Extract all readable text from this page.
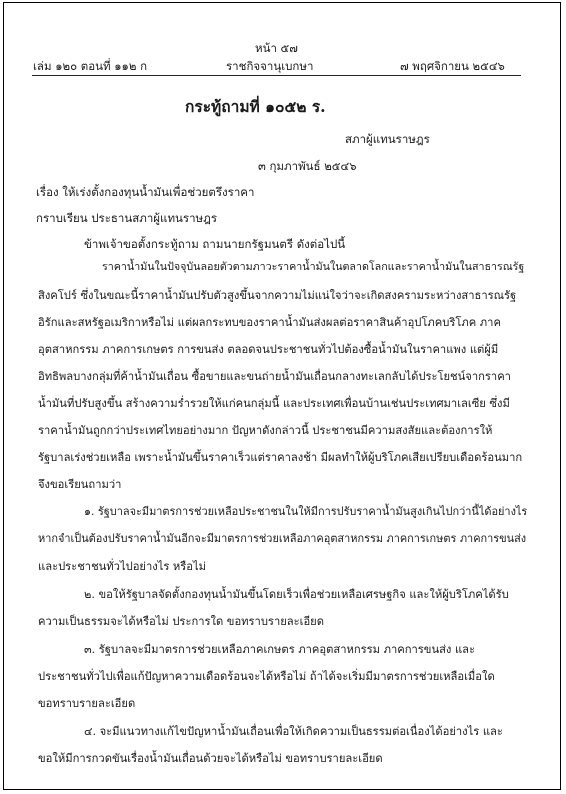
หน้า ๕๗
เล่ม ๑๒๐ ตอนที่ ๑๑๒ ก	ราชกิจจานุเบกษา	๗ พฤศจิกายน ๒๕๔๖
กระทู้ถามที่ ๑๐๕๒ ร.
สภาผู้แทนราษฎร
๓ กุมภาพันธ์ ๒๕๔๖
เรื่อง ให้เร่งตั้งกองทุนน้ำมันเพื่อช่วยตรึงราคา
กราบเรียน ประธานสภาผู้แทนราษฎร
ข้าพเจ้าขอตั้งกระทู้ถาม ถามนายกรัฐมนตรี ดังต่อไปนี้
ราคาน้ำมันในปัจจุบันลอยตัวตามภาวะราคาน้ำมันในตลาดโลกและราคาน้ำมันในสาธารณรัฐ
สิงคโปร์ ซึ่งในขณะนี้ราคาน้ำมันปรับตัวสูงขึ้นจากความไม่แน่ใจว่าจะเกิดสงครามระหว่างสาธารณรัฐ
อิรักและสหรัฐอเมริกาหรือไม่ แต่ผลกระทบของราคาน้ำมันส่งผลต่อราคาสินค้าอุปโภคบริโภค ภาค
อุตสาหกรรม ภาคการเกษตร การขนส่ง ตลอดจนประชาชนทั่วไปต้องซื้อน้ำมันในราคาแพง แต่ผู้มี
อิทธิพลบางกลุ่มที่ค้าน้ำมันเถื่อน ซื้อขายและขนถ่ายน้ำมันเถื่อนกลางทะเลกลับได้ประโยชน์จากราคา
น้ำมันที่ปรับสูงขึ้น สร้างความร่ำรวยให้แก่คนกลุ่มนี้ และประเทศเพื่อนบ้านเช่นประเทศมาเลเซีย ซึ่งมี
ราคาน้ำมันถูกกว่าประเทศไทยอย่างมาก ปัญหาดังกล่าวนี้ ประชาชนมีความสงสัยและต้องการให้
รัฐบาลเร่งช่วยเหลือ เพราะน้ำมันขึ้นราคาเร็วแต่ราคาลงช้า มีผลทำให้ผู้บริโภคเสียเปรียบเดือดร้อนมาก
จึงขอเรียนถามว่า
๑. รัฐบาลจะมีมาตรการช่วยเหลือประชาชนในให้มีการปรับราคาน้ำมันสูงเกินไปกว่านี้ได้อย่างไร
หากจำเป็นต้องปรับราคาน้ำมันอีกจะมีมาตรการช่วยเหลือภาคอุตสาหกรรม ภาคการเกษตร ภาคการขนส่ง
และประชาชนทั่วไปอย่างไร หรือไม่
๒. ขอให้รัฐบาลจัดตั้งกองทุนน้ำมันขึ้นโดยเร็วเพื่อช่วยเหลือเศรษฐกิจ และให้ผู้บริโภคได้รับ
ความเป็นธรรมจะได้หรือไม่ ประการใด ขอทราบรายละเอียด
๓. รัฐบาลจะมีมาตรการช่วยเหลือภาคเกษตร ภาคอุตสาหกรรม ภาคการขนส่ง และ
ประชาชนทั่วไปเพื่อแก้ปัญหาความเดือดร้อนจะได้หรือไม่ ถ้าได้จะเริ่มมีมาตรการช่วยเหลือเมื่อใด
ขอทราบรายละเอียด
๔. จะมีแนวทางแก้ไขปัญหาน้ำมันเถื่อนเพื่อให้เกิดความเป็นธรรมต่อเนื่องได้อย่างไร และ
ขอให้มีการกวดขันเรื่องน้ำมันเถื่อนด้วยจะได้หรือไม่ ขอทราบรายละเอียด
